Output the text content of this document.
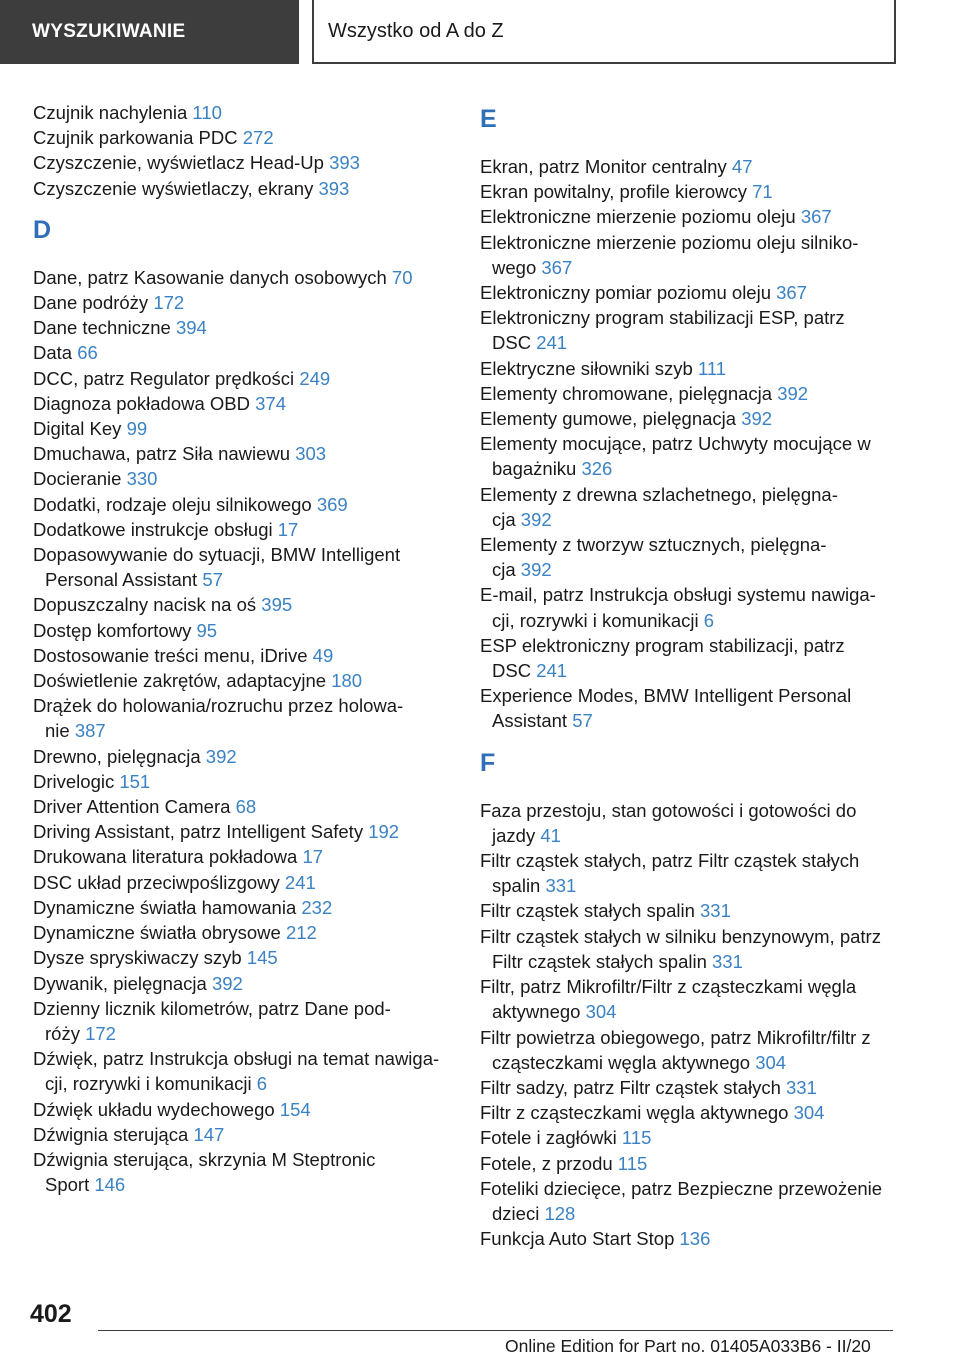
WYSZUKIWANIE	Wszystko od A do Z
Czujnik nachylenia 110
Czujnik parkowania PDC 272
Czyszczenie, wyświetlacz Head-Up 393
Czyszczenie wyświetlaczy, ekrany 393
D
Dane, patrz Kasowanie danych osobowych 70
Dane podróży 172
Dane techniczne 394
Data 66
DCC, patrz Regulator prędkości 249
Diagnoza pokładowa OBD 374
Digital Key 99
Dmuchawa, patrz Siła nawiewu 303
Docieranie 330
Dodatki, rodzaje oleju silnikowego 369
Dodatkowe instrukcje obsługi 17
Dopasowywanie do sytuacji, BMW Intelligent
Personal Assistant 57
Dopuszczalny nacisk na oś 395
Dostęp komfortowy 95
Dostosowanie treści menu, iDrive 49
Doświetlenie zakrętów, adaptacyjne 180
Drążek do holowania/rozruchu przez holowa-
nie 387
Drewno, pielęgnacja 392
Drivelogic 151
Driver Attention Camera 68
Driving Assistant, patrz Intelligent Safety 192
Drukowana literatura pokładowa 17
DSC układ przeciwpoślizgowy 241
Dynamiczne światła hamowania 232
Dynamiczne światła obrysowe 212
Dysze spryskiwaczy szyb 145
Dywanik, pielęgnacja 392
Dzienny licznik kilometrów, patrz Dane pod-
róży 172
Dźwięk, patrz Instrukcja obsługi na temat nawiga-
cji, rozrywki i komunikacji 6
Dźwięk układu wydechowego 154
Dźwignia sterująca 147
Dźwignia sterująca, skrzynia M Steptronic
Sport 146
E
Ekran, patrz Monitor centralny 47
Ekran powitalny, profile kierowcy 71
Elektroniczne mierzenie poziomu oleju 367
Elektroniczne mierzenie poziomu oleju silniko-
wego 367
Elektroniczny pomiar poziomu oleju 367
Elektroniczny program stabilizacji ESP, patrz
DSC 241
Elektryczne siłowniki szyb 111
Elementy chromowane, pielęgnacja 392
Elementy gumowe, pielęgnacja 392
Elementy mocujące, patrz Uchwyty mocujące w
bagażniku 326
Elementy z drewna szlachetnego, pielęgna-
cja 392
Elementy z tworzyw sztucznych, pielęgna-
cja 392
E-mail, patrz Instrukcja obsługi systemu nawiga-
cji, rozrywki i komunikacji 6
ESP elektroniczny program stabilizacji, patrz
DSC 241
Experience Modes, BMW Intelligent Personal
Assistant 57
F
Faza przestoju, stan gotowości i gotowości do
jazdy 41
Filtr cząstek stałych, patrz Filtr cząstek stałych
spalin 331
Filtr cząstek stałych spalin 331
Filtr cząstek stałych w silniku benzynowym, patrz
Filtr cząstek stałych spalin 331
Filtr, patrz Mikrofiltr/Filtr z cząsteczkami węgla
aktywnego 304
Filtr powietrza obiegowego, patrz Mikrofiltr/filtr z
cząsteczkami węgla aktywnego 304
Filtr sadzy, patrz Filtr cząstek stałych 331
Filtr z cząsteczkami węgla aktywnego 304
Fotele i zagłówki 115
Fotele, z przodu 115
Foteliki dziecięce, patrz Bezpieczne przewożenie
dzieci 128
Funkcja Auto Start Stop 136
402
Online Edition for Part no. 01405A033B6 - II/20
